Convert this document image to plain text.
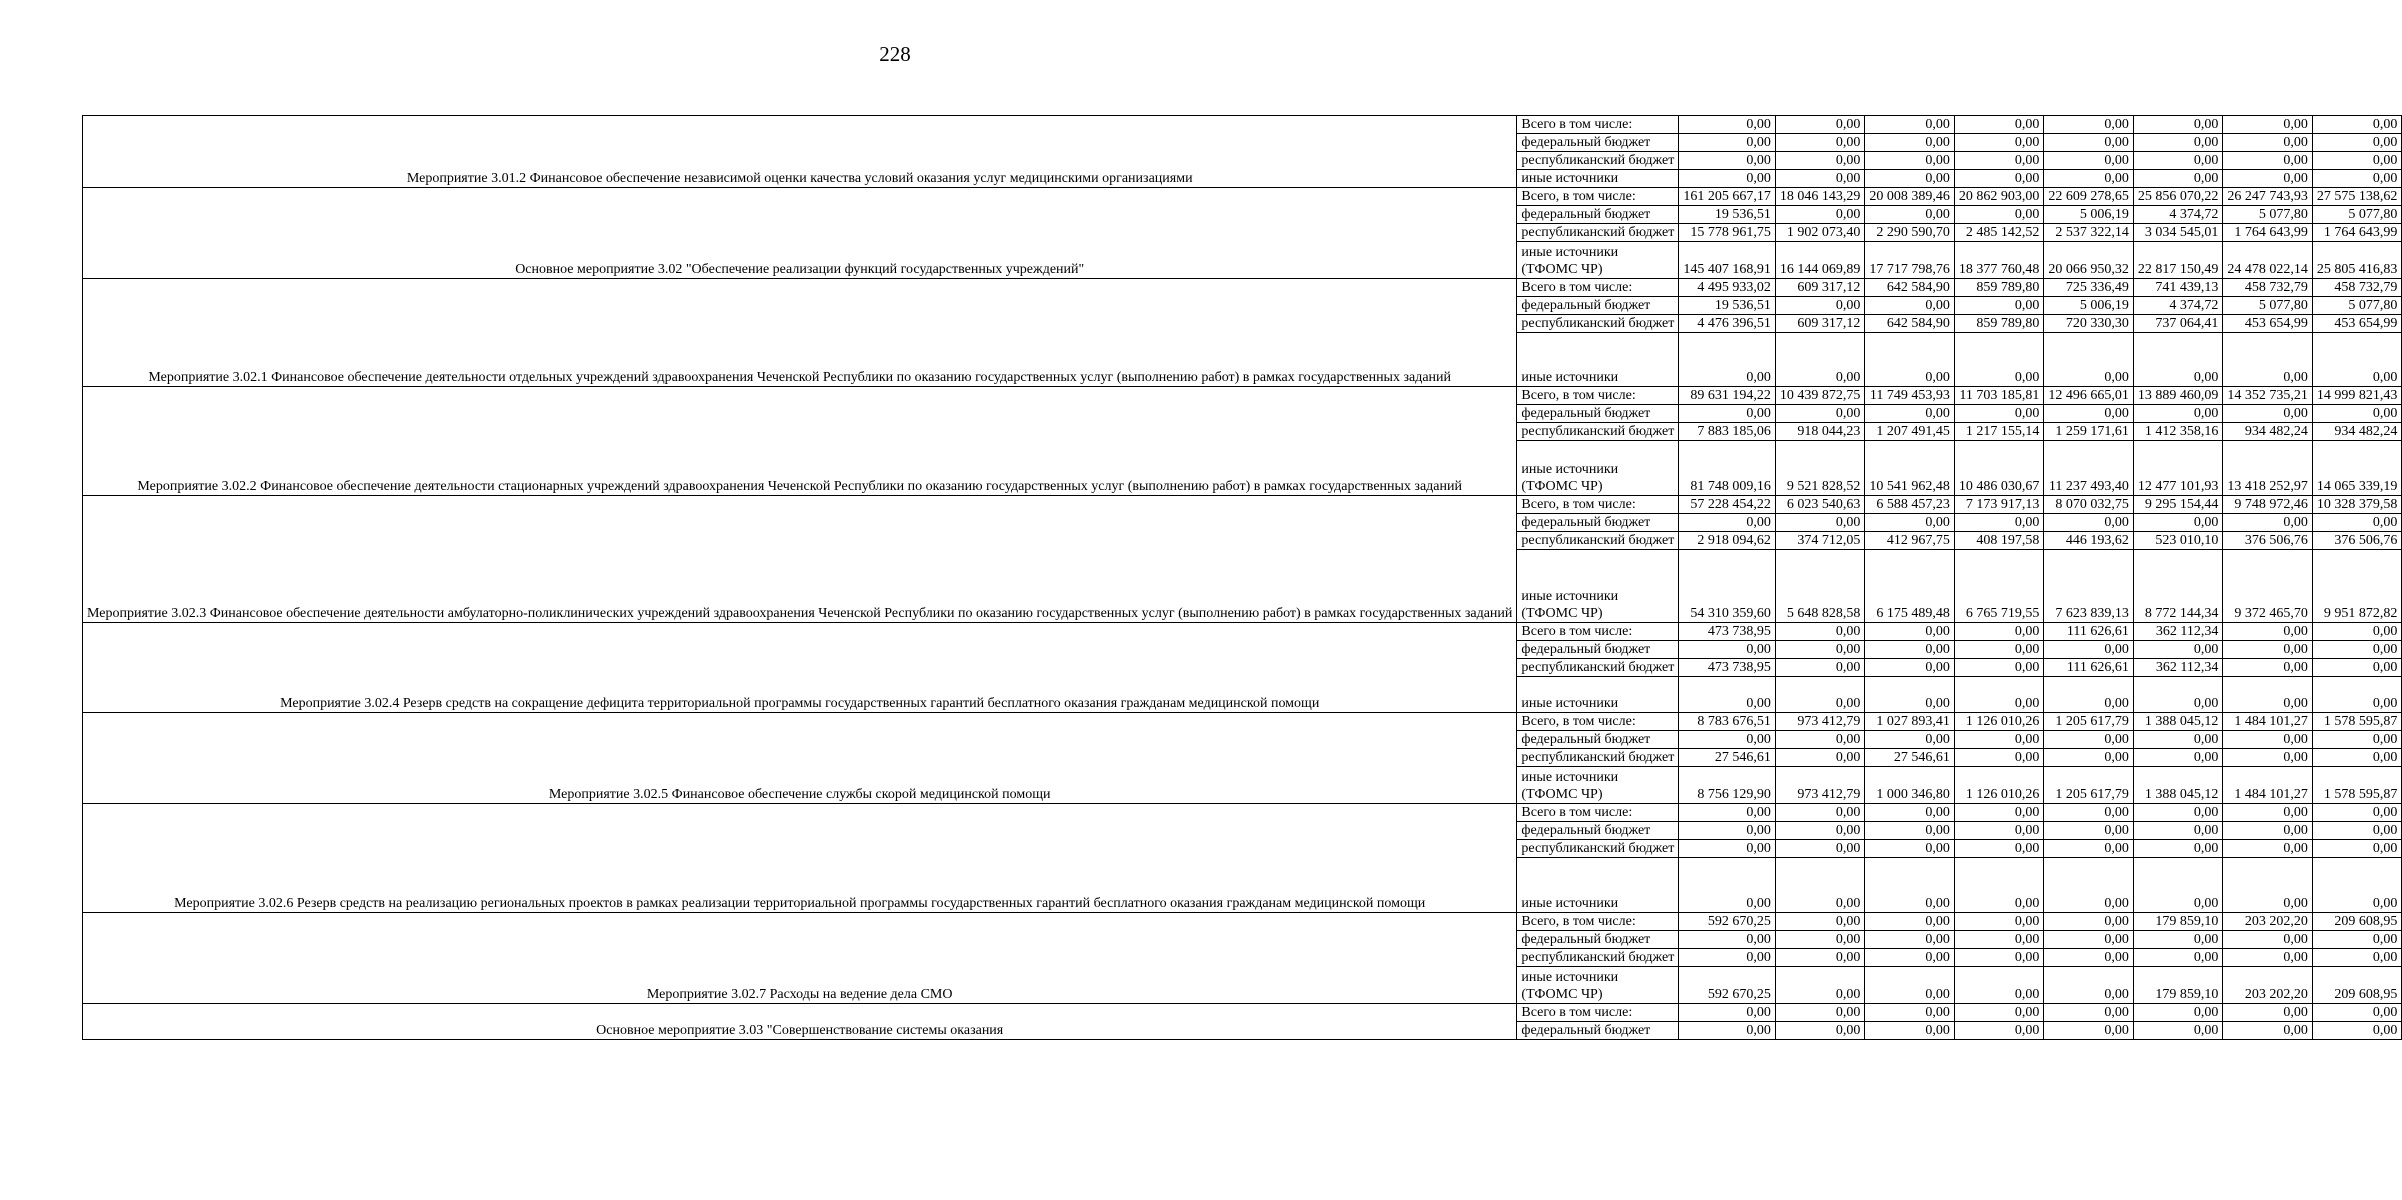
228
Мероприятие 3.01.2 Финансовое обеспечение независимой оценки качества условий оказания услуг медицинскими организациями	Всего в том числе:	0,00	0,00	0,00	0,00	0,00	0,00	0,00	0,00
	федеральный бюджет	0,00	0,00	0,00	0,00	0,00	0,00	0,00	0,00
	республиканский бюджет	0,00	0,00	0,00	0,00	0,00	0,00	0,00	0,00
	иные источники	0,00	0,00	0,00	0,00	0,00	0,00	0,00	0,00
Основное мероприятие 3.02 "Обеспечение реализации функций государственных учреждений"	Всего, в том числе:	161 205 667,17	18 046 143,29	20 008 389,46	20 862 903,00	22 609 278,65	25 856 070,22	26 247 743,93	27 575 138,62
	федеральный бюджет	19 536,51	0,00	0,00	0,00	5 006,19	4 374,72	5 077,80	5 077,80
	республиканский бюджет	15 778 961,75	1 902 073,40	2 290 590,70	2 485 142,52	2 537 322,14	3 034 545,01	1 764 643,99	1 764 643,99
	иные источники (ТФОМС ЧР)	145 407 168,91	16 144 069,89	17 717 798,76	18 377 760,48	20 066 950,32	22 817 150,49	24 478 022,14	25 805 416,83
Мероприятие 3.02.1 Финансовое обеспечение деятельности отдельных учреждений здравоохранения Чеченской Республики по оказанию государственных услуг (выполнению работ) в рамках государственных заданий	Всего в том числе:	4 495 933,02	609 317,12	642 584,90	859 789,80	725 336,49	741 439,13	458 732,79	458 732,79
	федеральный бюджет	19 536,51	0,00	0,00	0,00	5 006,19	4 374,72	5 077,80	5 077,80
	республиканский бюджет	4 476 396,51	609 317,12	642 584,90	859 789,80	720 330,30	737 064,41	453 654,99	453 654,99
	иные источники	0,00	0,00	0,00	0,00	0,00	0,00	0,00	0,00
Мероприятие 3.02.2 Финансовое обеспечение деятельности стационарных учреждений здравоохранения Чеченской Республики по оказанию государственных услуг (выполнению работ) в рамках государственных заданий	Всего, в том числе:	89 631 194,22	10 439 872,75	11 749 453,93	11 703 185,81	12 496 665,01	13 889 460,09	14 352 735,21	14 999 821,43
	федеральный бюджет	0,00	0,00	0,00	0,00	0,00	0,00	0,00	0,00
	республиканский бюджет	7 883 185,06	918 044,23	1 207 491,45	1 217 155,14	1 259 171,61	1 412 358,16	934 482,24	934 482,24
	иные источники (ТФОМС ЧР)	81 748 009,16	9 521 828,52	10 541 962,48	10 486 030,67	11 237 493,40	12 477 101,93	13 418 252,97	14 065 339,19
Мероприятие 3.02.3 Финансовое обеспечение деятельности амбулаторно-поликлинических учреждений здравоохранения Чеченской Республики по оказанию государственных услуг (выполнению работ) в рамках государственных заданий	Всего, в том числе:	57 228 454,22	6 023 540,63	6 588 457,23	7 173 917,13	8 070 032,75	9 295 154,44	9 748 972,46	10 328 379,58
	федеральный бюджет	0,00	0,00	0,00	0,00	0,00	0,00	0,00	0,00
	республиканский бюджет	2 918 094,62	374 712,05	412 967,75	408 197,58	446 193,62	523 010,10	376 506,76	376 506,76
	иные источники (ТФОМС ЧР)	54 310 359,60	5 648 828,58	6 175 489,48	6 765 719,55	7 623 839,13	8 772 144,34	9 372 465,70	9 951 872,82
Мероприятие 3.02.4 Резерв средств на сокращение дефицита территориальной программы государственных гарантий бесплатного оказания гражданам медицинской помощи	Всего в том числе:	473 738,95	0,00	0,00	0,00	111 626,61	362 112,34	0,00	0,00
	федеральный бюджет	0,00	0,00	0,00	0,00	0,00	0,00	0,00	0,00
	республиканский бюджет	473 738,95	0,00	0,00	0,00	111 626,61	362 112,34	0,00	0,00
	иные источники	0,00	0,00	0,00	0,00	0,00	0,00	0,00	0,00
Мероприятие 3.02.5 Финансовое обеспечение службы скорой медицинской помощи	Всего, в том числе:	8 783 676,51	973 412,79	1 027 893,41	1 126 010,26	1 205 617,79	1 388 045,12	1 484 101,27	1 578 595,87
	федеральный бюджет	0,00	0,00	0,00	0,00	0,00	0,00	0,00	0,00
	республиканский бюджет	27 546,61	0,00	27 546,61	0,00	0,00	0,00	0,00	0,00
	иные источники (ТФОМС ЧР)	8 756 129,90	973 412,79	1 000 346,80	1 126 010,26	1 205 617,79	1 388 045,12	1 484 101,27	1 578 595,87
Мероприятие 3.02.6 Резерв средств на реализацию региональных проектов в рамках реализации территориальной программы государственных гарантий бесплатного оказания гражданам медицинской помощи	Всего в том числе:	0,00	0,00	0,00	0,00	0,00	0,00	0,00	0,00
	федеральный бюджет	0,00	0,00	0,00	0,00	0,00	0,00	0,00	0,00
	республиканский бюджет	0,00	0,00	0,00	0,00	0,00	0,00	0,00	0,00
	иные источники	0,00	0,00	0,00	0,00	0,00	0,00	0,00	0,00
Мероприятие 3.02.7 Расходы на ведение дела СМО	Всего, в том числе:	592 670,25	0,00	0,00	0,00	0,00	179 859,10	203 202,20	209 608,95
	федеральный бюджет	0,00	0,00	0,00	0,00	0,00	0,00	0,00	0,00
	республиканский бюджет	0,00	0,00	0,00	0,00	0,00	0,00	0,00	0,00
	иные источники (ТФОМС ЧР)	592 670,25	0,00	0,00	0,00	0,00	179 859,10	203 202,20	209 608,95
Основное мероприятие 3.03 "Совершенствование системы оказания	Всего в том числе:	0,00	0,00	0,00	0,00	0,00	0,00	0,00	0,00
	федеральный бюджет	0,00	0,00	0,00	0,00	0,00	0,00	0,00	0,00
